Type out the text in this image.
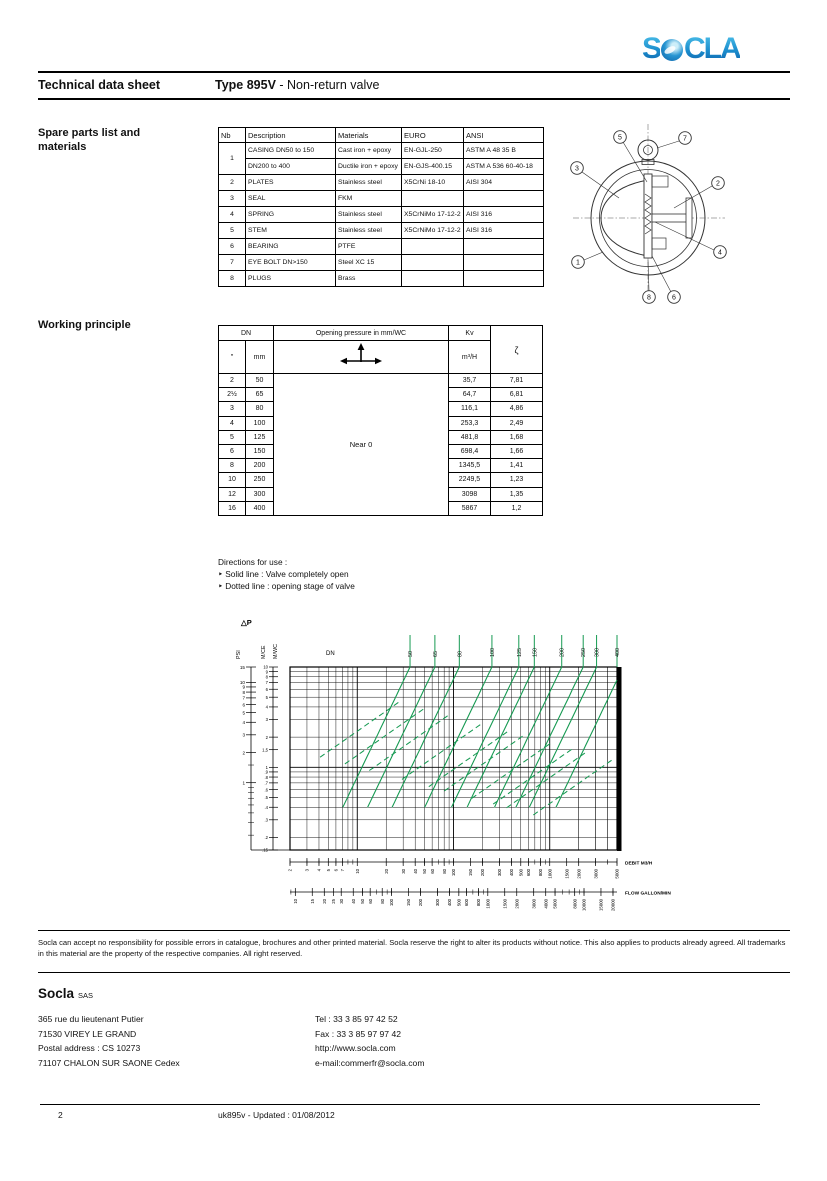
S CLA
Technical data sheet	Type 895V - Non-return valve
Spare parts list and materials
Working principle
Nb	Description	Materials	EURO	ANSI
1	CASING DN50 to 150	Cast iron + epoxy	EN-GJL-250	ASTM A 48 35 B
	DN200 to 400	Ductile iron + epoxy	EN-GJS-400.15	ASTM A 536 60-40-18
2	PLATES	Stainless steel	X5CrNi 18-10	AISI 304
3	SEAL	FKM		
4	SPRING	Stainless steel	X5CrNiMo 17-12-2	AISI 316
5	STEM	Stainless steel	X5CrNiMo 17-12-2	AISI 316
6	BEARING	PTFE		
7	EYE BOLT DN>150	Steel XC 15		
8	PLUGS	Brass		
1
2
3
4
5
6
7
8
DN		Opening pressure in mm/WC	Kv	ζ
″	mm		m³/H	
2	50	Near 0	35,7	7,81
2½	65		64,7	6,81
3	80		116,1	4,86
4	100		253,3	2,49
5	125		481,8	1,68
6	150		698,4	1,66
8	200		1345,5	1,41
10	250		2249,5	1,23
12	300		3098	1,35
16	400		5867	1,2
Directions for use :
‣ Solid line : Valve completely open
‣ Dotted line : opening stage of valve
15
10
9
8
7
6
5
4
3
2
1
10
9
8
7
6
5
4
3
2
1,5
1
.9
.8
.7
.6
.5
.4
.3
.2
.15
△P
PSI	M/CE M/WC	DN
2	3 4 5 6 7 10	20	30 40 50 60 80 100	150 200	300 400 500 600 800 1000	1500 2000	3000	5000
DEBIT M3/H
10	15 20 25 30 40 50 60 80 100	150 200	300 400 500 600 800 1000	1500 2000	3000 4000 5000	8000 10000	15000 20000
FLOW GALLON/MIN
50	65	80	100	125 150	200	250 300	400
Socla can accept no responsibility for possible errors in catalogue, brochures and other printed material. Socla reserve the right to alter its products without notice. This also applies to products already agreed. All trademarks in this material are the property of the respective companies. All right reserved.
Socla SAS
365 rue du lieutenant Putier
71530 VIREY LE GRAND
Postal address : CS 10273
71107 CHALON SUR SAONE Cedex
Tel : 33 3 85 97 42 52
Fax : 33 3 85 97 97 42
http://www.socla.com
e-mail:commerfr@socla.com
2	uk895v - Updated : 01/08/2012
